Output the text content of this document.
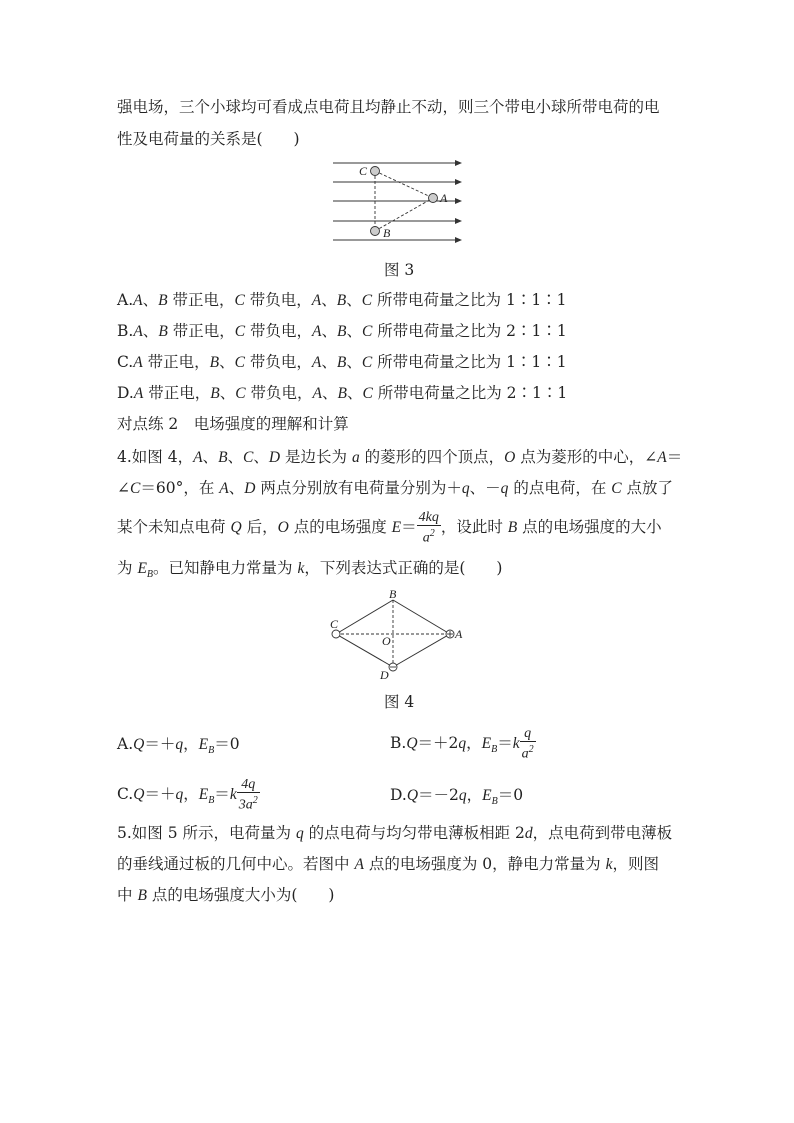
强电场，三个小球均可看成点电荷且均静止不动，则三个带电小球所带电荷的电
性及电荷量的关系是(　　)
C
A
B
图 3
A.A、B 带正电，C 带负电，A、B、C 所带电荷量之比为 1∶1∶1
B.A、B 带正电，C 带负电，A、B、C 所带电荷量之比为 2∶1∶1
C.A 带正电，B、C 带负电，A、B、C 所带电荷量之比为 1∶1∶1
D.A 带正电，B、C 带负电，A、B、C 所带电荷量之比为 2∶1∶1
对点练 2　电场强度的理解和计算
4.如图 4，A、B、C、D 是边长为 a 的菱形的四个顶点，O 点为菱形的中心，∠A＝
∠C＝60°，在 A、D 两点分别放有电荷量分别为＋q、－q 的点电荷，在 C 点放了
某个未知点电荷 Q 后，O 点的电场强度 $E= \frac{4kq}{a^2}$ ，设此时 B 点的电场强度的大小
为 $E_B$。已知静电力常量为 k，下列表达式正确的是(　　)
B
C
O	A
D
图 4
A.Q＝＋q，$E_B=0$	B.Q＝＋2q，$E_B=k \frac{q}{a^2}$
C.Q＝＋q，$E_B=k \frac{4q}{3a^2}$	D.Q＝－2q，$E_B=0$
5.如图 5 所示，电荷量为 q 的点电荷与均匀带电薄板相距 2d，点电荷到带电薄板
的垂线通过板的几何中心。若图中 A 点的电场强度为 0，静电力常量为 k，则图
中 B 点的电场强度大小为(　　)
